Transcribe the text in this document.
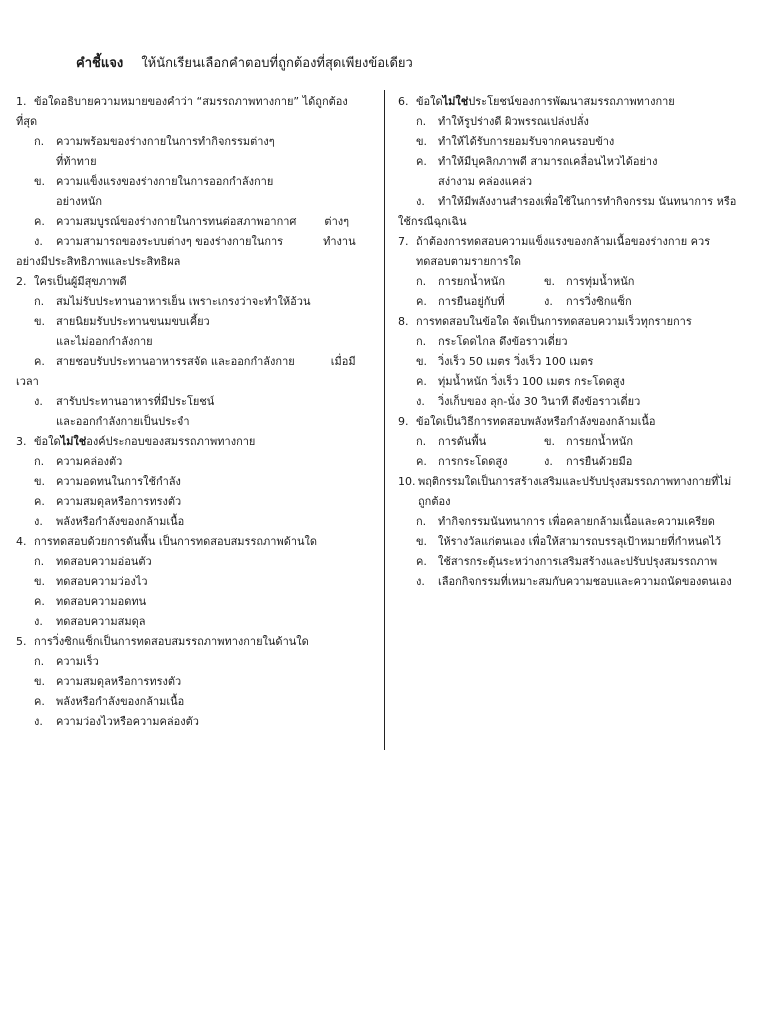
คำชี้แจง ให้นักเรียนเลือกคำตอบที่ถูกต้องที่สุดเพียงข้อเดียว
1. ข้อใดอธิบายความหมายของคำว่า “สมรรถภาพทางกาย” ได้ถูกต้อง
ที่สุด
ก.	ความพร้อมของร่างกายในการทำกิจกรรมต่างๆ
ที่ท้าทาย
ข. ความแข็งแรงของร่างกายในการออกกำลังกาย
อย่างหนัก
ค.	ความสมบูรณ์ของร่างกายในการทนต่อสภาพอากาศ	ต่างๆ
ง.	ความสามารถของระบบต่างๆ ของร่างกายในการ	ทำงาน
อย่างมีประสิทธิภาพและประสิทธิผล
2. ใครเป็นผู้มีสุขภาพดี
ก.	สมไม่รับประทานอาหารเย็น เพราะเกรงว่าจะทำให้อ้วน
ข. สายนิยมรับประทานขนมขบเคี้ยว
และไม่ออกกำลังกาย
ค.	สายชอบรับประทานอาหารรสจัด และออกกำลังกาย	เมื่อมี
เวลา
ง.	สารับประทานอาหารที่มีประโยชน์
และออกกำลังกายเป็นประจำ
3. ข้อใดไม่ใช่องค์ประกอบของสมรรถภาพทางกาย
ก.	ความคล่องตัว
ข. ความอดทนในการใช้กำลัง
ค.	ความสมดุลหรือการทรงตัว
ง.	พลังหรือกำลังของกล้ามเนื้อ
4. การทดสอบด้วยการดันพื้น เป็นการทดสอบสมรรถภาพด้านใด
ก.	ทดสอบความอ่อนตัว
ข. ทดสอบความว่องไว
ค.	ทดสอบความอดทน
ง.	ทดสอบความสมดุล
5. การวิ่งซิกแซ็กเป็นการทดสอบสมรรถภาพทางกายในด้านใด
ก.	ความเร็ว
ข. ความสมดุลหรือการทรงตัว
ค.	พลังหรือกำลังของกล้ามเนื้อ
ง.	ความว่องไวหรือความคล่องตัว
6. ข้อใดไม่ใช่ประโยชน์ของการพัฒนาสมรรถภาพทางกาย
ก.	ทำให้รูปร่างดี ผิวพรรณเปล่งปลั่ง
ข. ทำให้ได้รับการยอมรับจากคนรอบข้าง
ค.	ทำให้มีบุคลิกภาพดี สามารถเคลื่อนไหวได้อย่าง
สง่างาม คล่องแคล่ว
ง.	ทำให้มีพลังงานสำรองเพื่อใช้ในการทำกิจกรรม นันทนาการ หรือ
ใช้กรณีฉุกเฉิน
7. ถ้าต้องการทดสอบความแข็งแรงของกล้ามเนื้อของร่างกาย ควร
ทดสอบตามรายการใด
ก.	การยกน้ำหนัก	ข. การทุ่มน้ำหนัก
ค.	การยืนอยู่กับที่	ง.	การวิ่งซิกแซ็ก
8. การทดสอบในข้อใด จัดเป็นการทดสอบความเร็วทุกรายการ
ก.	กระโดดไกล ดึงข้อราวเดี่ยว
ข. วิ่งเร็ว 50 เมตร วิ่งเร็ว 100 เมตร
ค.	ทุ่มน้ำหนัก วิ่งเร็ว 100 เมตร กระโดดสูง
ง.	วิ่งเก็บของ ลุก-นั่ง 30 วินาที ดึงข้อราวเดี่ยว
9. ข้อใดเป็นวิธีการทดสอบพลังหรือกำลังของกล้ามเนื้อ
ก.	การดันพื้น	ข. การยกน้ำหนัก
ค.	การกระโดดสูง	ง.	การยืนด้วยมือ
10. พฤติกรรมใดเป็นการสร้างเสริมและปรับปรุงสมรรถภาพทางกายที่ไม่
ถูกต้อง
ก.	ทำกิจกรรมนันทนาการ เพื่อคลายกล้ามเนื้อและความเครียด
ข. ให้รางวัลแก่ตนเอง เพื่อให้สามารถบรรลุเป้าหมายที่กำหนดไว้
ค.	ใช้สารกระตุ้นระหว่างการเสริมสร้างและปรับปรุงสมรรถภาพ
ง.	เลือกกิจกรรมที่เหมาะสมกับความชอบและความถนัดของตนเอง
